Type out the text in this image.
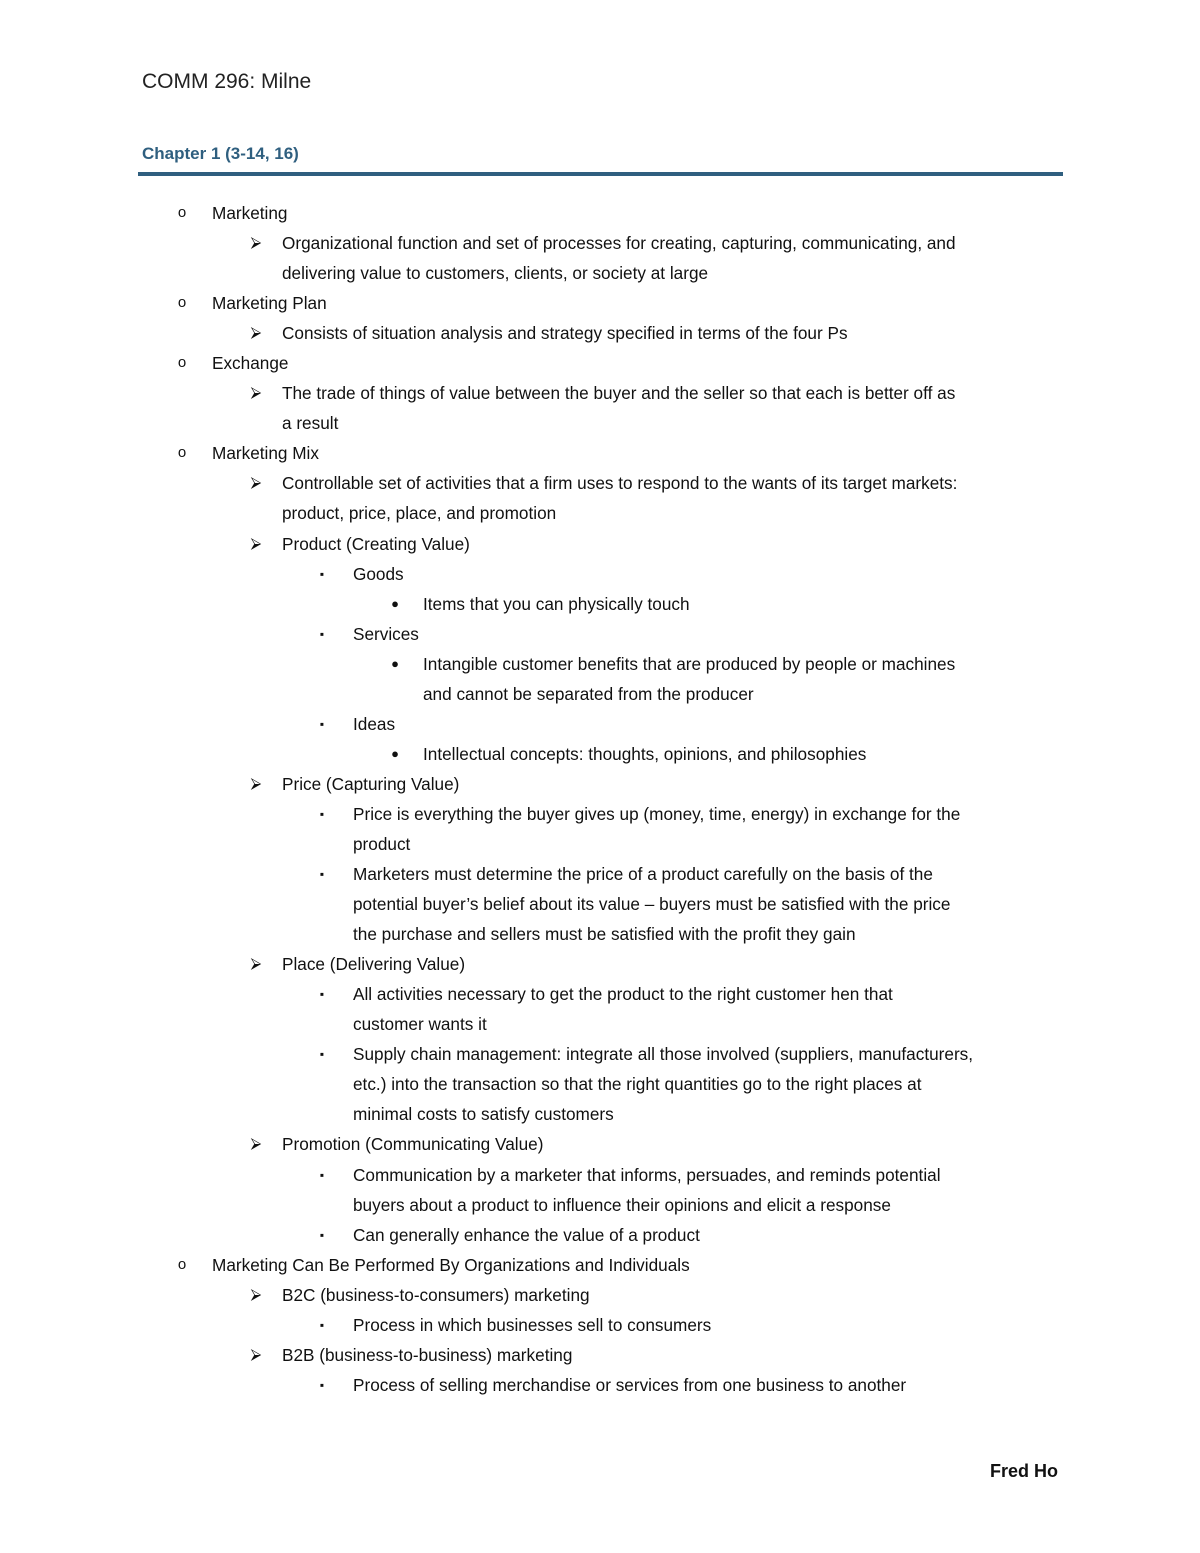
COMM 296: Milne
Chapter 1 (3-14, 16)
o Marketing
⮚ Organizational function and set of processes for creating, capturing, communicating, and
delivering value to customers, clients, or society at large
o Marketing Plan
⮚ Consists of situation analysis and strategy specified in terms of the four Ps
o Exchange
⮚ The trade of things of value between the buyer and the seller so that each is better off as
a result
o Marketing Mix
⮚ Controllable set of activities that a firm uses to respond to the wants of its target markets:
product, price, place, and promotion
⮚ Product (Creating Value)
▪ Goods
● Items that you can physically touch
▪ Services
● Intangible customer benefits that are produced by people or machines
and cannot be separated from the producer
▪ Ideas
● Intellectual concepts: thoughts, opinions, and philosophies
⮚ Price (Capturing Value)
▪ Price is everything the buyer gives up (money, time, energy) in exchange for the
product
▪ Marketers must determine the price of a product carefully on the basis of the
potential buyer’s belief about its value – buyers must be satisfied with the price
the purchase and sellers must be satisfied with the profit they gain
⮚ Place (Delivering Value)
▪ All activities necessary to get the product to the right customer hen that
customer wants it
▪ Supply chain management: integrate all those involved (suppliers, manufacturers,
etc.) into the transaction so that the right quantities go to the right places at
minimal costs to satisfy customers
⮚ Promotion (Communicating Value)
▪ Communication by a marketer that informs, persuades, and reminds potential
buyers about a product to influence their opinions and elicit a response
▪ Can generally enhance the value of a product
o Marketing Can Be Performed By Organizations and Individuals
⮚ B2C (business-to-consumers) marketing
▪ Process in which businesses sell to consumers
⮚ B2B (business-to-business) marketing
▪ Process of selling merchandise or services from one business to another
Fred Ho
